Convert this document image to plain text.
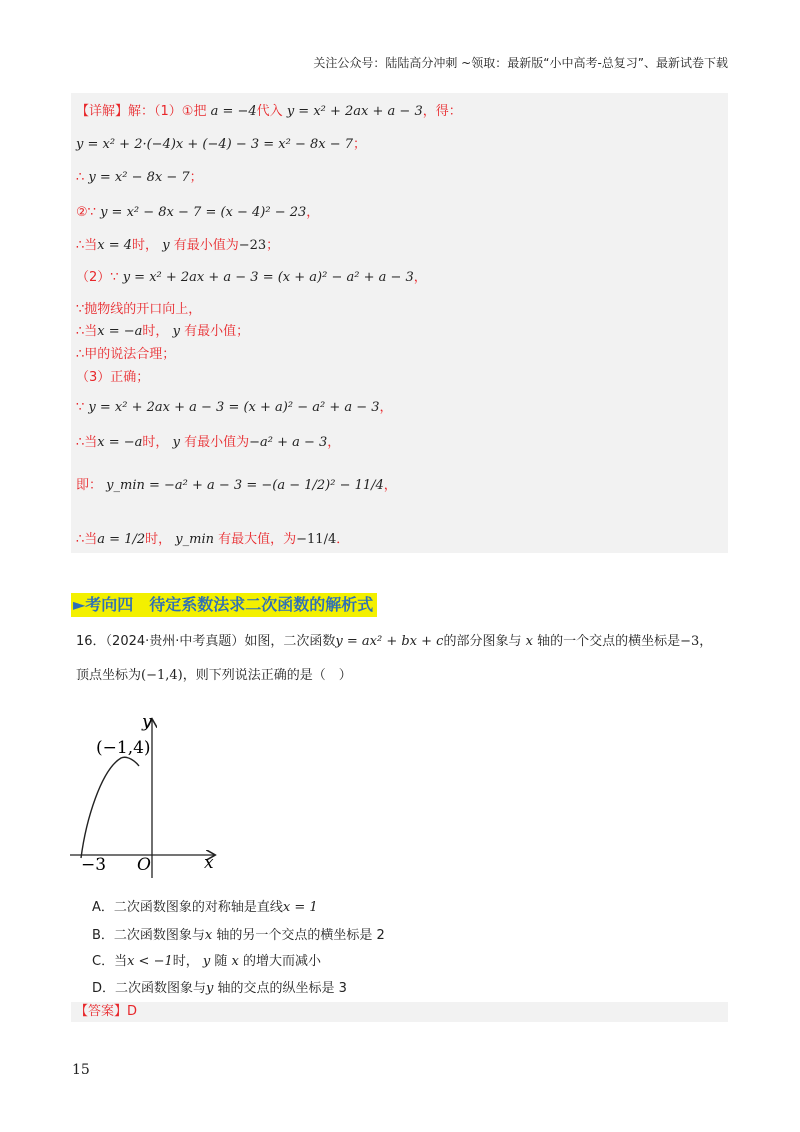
关注公众号：陆陆高分冲刺 ~领取：最新版“小中高考-总复习”、最新试卷下载
【详解】解：（1）①把 a = −4代入 y = x² + 2ax + a − 3，得：
y = x² + 2·(−4)x + (−4) − 3 = x² − 8x − 7；
∴ y = x² − 8x − 7；
②∵ y = x² − 8x − 7 = (x − 4)² − 23，
∴当x = 4时， y 有最小值为−23；
（2）∵ y = x² + 2ax + a − 3 = (x + a)² − a² + a − 3，
∵抛物线的开口向上，
∴当x = −a时， y 有最小值；
∴甲的说法合理；
（3）正确；
∵ y = x² + 2ax + a − 3 = (x + a)² − a² + a − 3，
∴当x = −a时， y 有最小值为−a² + a − 3，
即： y_min = −a² + a − 3 = −(a − 1/2)² − 11/4，
∴当a = 1/2时， y_min 有最大值，为−11/4．
►考向四　待定系数法求二次函数的解析式
16．（2024·贵州·中考真题）如图，二次函数y = ax² + bx + c的部分图象与 x 轴的一个交点的横坐标是−3，
顶点坐标为(−1,4)，则下列说法正确的是（　）
y
x
O
−3
(−1,4)
A．二次函数图象的对称轴是直线x = 1
B．二次函数图象与x 轴的另一个交点的横坐标是 2
C．当x < −1时， y 随 x 的增大而减小
D．二次函数图象与y 轴的交点的纵坐标是 3
【答案】D
15
